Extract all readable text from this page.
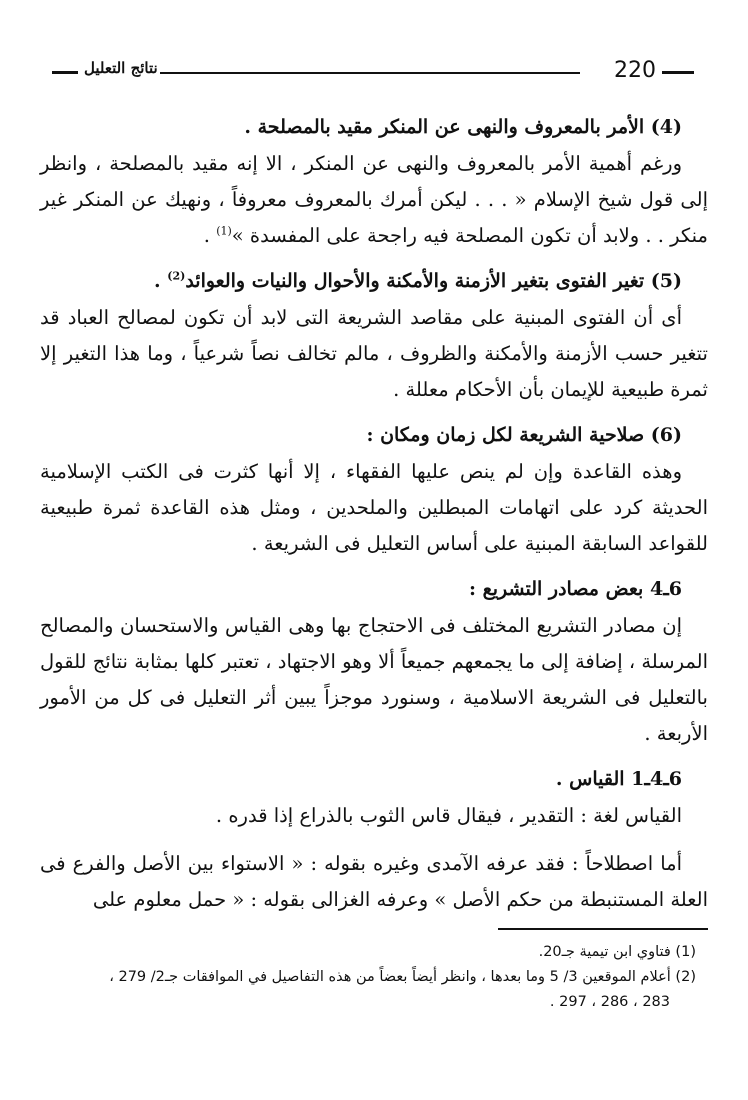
220
نتائج التعليل

(4) الأمر بالمعروف والنهى عن المنكر مقيد بالمصلحة .

ورغم أهمية الأمر بالمعروف والنهى عن المنكر ، الا إنه مقيد بالمصلحة ، وانظر إلى قول شيخ الإسلام « . . . ليكن أمرك بالمعروف معروفاً ، ونهيك عن المنكر غير منكر . . ولابد أن تكون المصلحة فيه راجحة على المفسدة »$^{(1)}$ .

(5) تغير الفتوى بتغير الأزمنة والأمكنة والأحوال والنيات والعوائد$^{(2)}$ .

أى أن الفتوى المبنية على مقاصد الشريعة التى لابد أن تكون لمصالح العباد قد تتغير حسب الأزمنة والأمكنة والظروف ، مالم تخالف نصاً شرعياً ، وما هذا التغير إلا ثمرة طبيعية للإيمان بأن الأحكام معللة .

(6) صلاحية الشريعة لكل زمان ومكان :

وهذه القاعدة وإن لم ينص عليها الفقهاء ، إلا أنها كثرت فى الكتب الإسلامية الحديثة كرد على اتهامات المبطلين والملحدين ، ومثل هذه القاعدة ثمرة طبيعية للقواعد السابقة المبنية على أساس التعليل فى الشريعة .

6ـ4 بعض مصادر التشريع :

إن مصادر التشريع المختلف فى الاحتجاج بها وهى القياس والاستحسان والمصالح المرسلة ، إضافة إلى ما يجمعهم جميعاً ألا وهو الاجتهاد ، تعتبر كلها بمثابة نتائج للقول بالتعليل فى الشريعة الاسلامية ، وسنورد موجزاً يبين أثر التعليل فى كل من الأمور الأربعة .

6ـ4ـ1 القياس .

القياس لغة : التقدير ، فيقال قاس الثوب بالذراع إذا قدره .

أما اصطلاحاً : فقد عرفه الآمدى وغيره بقوله : « الاستواء بين الأصل والفرع فى العلة المستنبطة من حكم الأصل » وعرفه الغزالى بقوله : « حمل معلوم على

(1) فتاوي ابن تيمية جـ20.

(2) أعلام الموقعين 3/ 5 وما بعدها ، وانظر أيضاً بعضاً من هذه التفاصيل في الموافقات جـ2/ 279 ،

283 ، 286 ، 297 .
